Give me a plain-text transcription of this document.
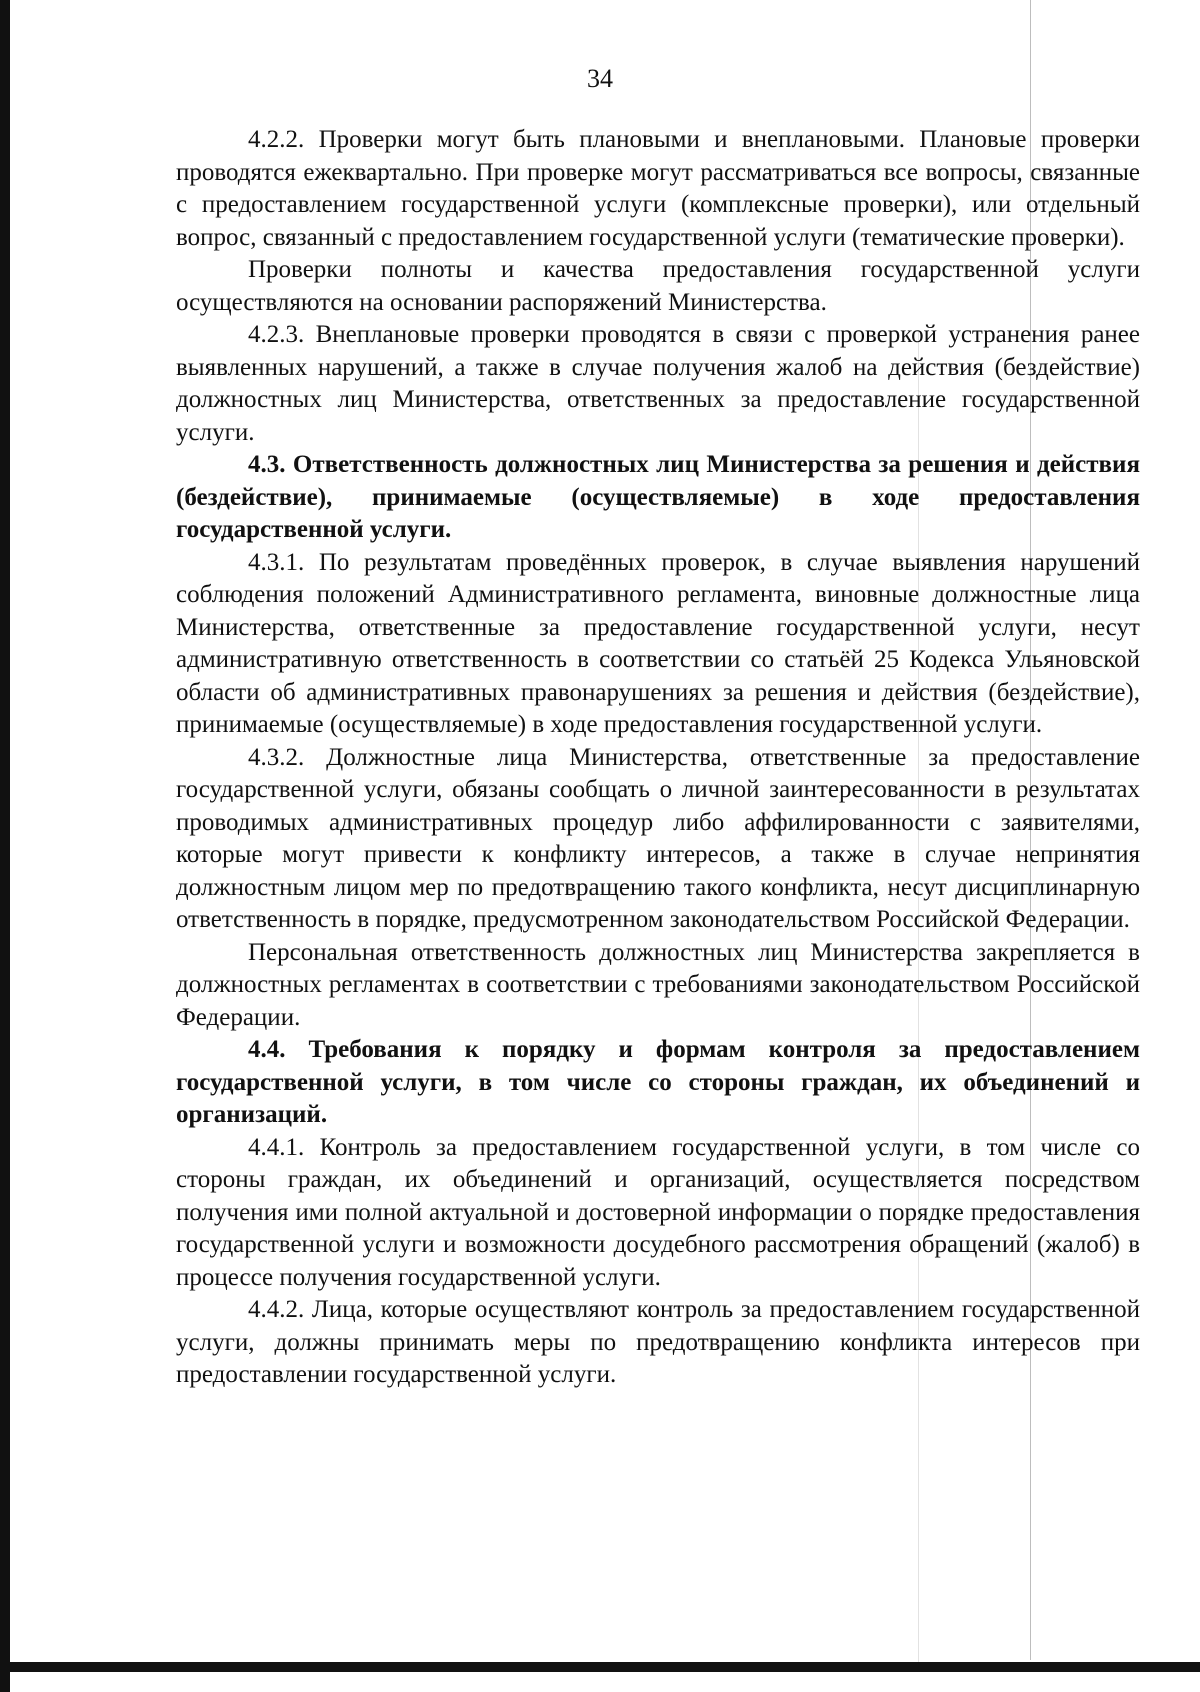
34

4.2.2. Проверки могут быть плановыми и внеплановыми. Плановые проверки проводятся ежеквартально. При проверке могут рассматриваться все вопросы, связанные с предоставлением государственной услуги (комплексные проверки), или отдельный вопрос, связанный с предоставлением государственной услуги (тематические проверки).

Проверки полноты и качества предоставления государственной услуги осуществляются на основании распоряжений Министерства.

4.2.3. Внеплановые проверки проводятся в связи с проверкой устранения ранее выявленных нарушений, а также в случае получения жалоб на действия (бездействие) должностных лиц Министерства, ответственных за предоставление государственной услуги.

4.3. Ответственность должностных лиц Министерства за решения и действия (бездействие), принимаемые (осуществляемые) в ходе предоставления государственной услуги.

4.3.1. По результатам проведённых проверок, в случае выявления нарушений соблюдения положений Административного регламента, виновные должностные лица Министерства, ответственные за предоставление государственной услуги, несут административную ответственность в соответствии со статьёй 25 Кодекса Ульяновской области об административных правонарушениях за решения и действия (бездействие), принимаемые (осуществляемые) в ходе предоставления государственной услуги.

4.3.2. Должностные лица Министерства, ответственные за предоставление государственной услуги, обязаны сообщать о личной заинтересованности в результатах проводимых административных процедур либо аффилированности с заявителями, которые могут привести к конфликту интересов, а также в случае непринятия должностным лицом мер по предотвращению такого конфликта, несут дисциплинарную ответственность в порядке, предусмотренном законодательством Российской Федерации.

Персональная ответственность должностных лиц Министерства закрепляется в должностных регламентах в соответствии с требованиями законодательством Российской Федерации.

4.4. Требования к порядку и формам контроля за предоставлением государственной услуги, в том числе со стороны граждан, их объединений и организаций.

4.4.1. Контроль за предоставлением государственной услуги, в том числе со стороны граждан, их объединений и организаций, осуществляется посредством получения ими полной актуальной и достоверной информации о порядке предоставления государственной услуги и возможности досудебного рассмотрения обращений (жалоб) в процессе получения государственной услуги.

4.4.2. Лица, которые осуществляют контроль за предоставлением государственной услуги, должны принимать меры по предотвращению конфликта интересов при предоставлении государственной услуги.
